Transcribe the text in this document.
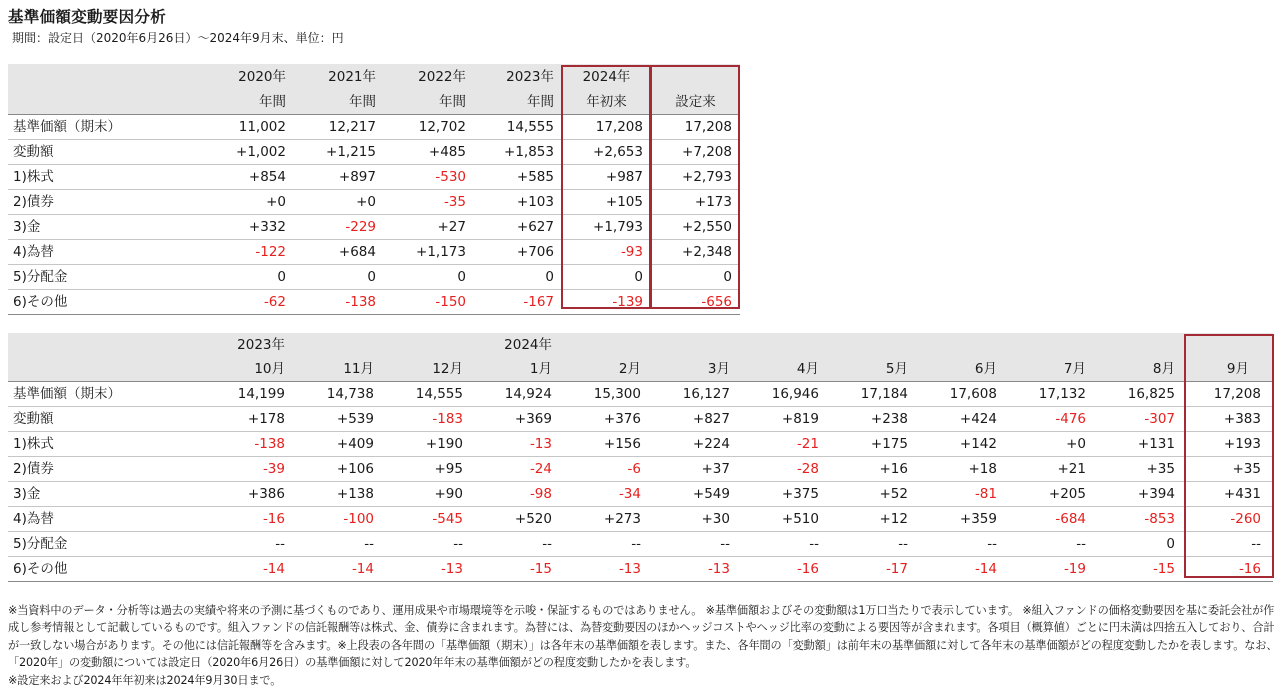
基準価額変動要因分析
期間：設定日（2020年6月26日）～2024年9月末、単位：円
	2020年	2021年	2022年	2023年	2024年	
	年間	年間	年間	年間	年初来	設定来
基準価額（期末）	11,002	12,217	12,702	14,555	17,208	17,208
変動額	+1,002	+1,215	+485	+1,853	+2,653	+7,208
1)株式	+854	+897	-530	+585	+987	+2,793
2)債券	+0	+0	-35	+103	+105	+173
3)金	+332	-229	+27	+627	+1,793	+2,550
4)為替	-122	+684	+1,173	+706	-93	+2,348
5)分配金	0	0	0	0	0	0
6)その他	-62	-138	-150	-167	-139	-656
	2023年			2024年								
	10月	11月	12月	1月	2月	3月	4月	5月	6月	7月	8月	9月
基準価額（期末）	14,199	14,738	14,555	14,924	15,300	16,127	16,946	17,184	17,608	17,132	16,825	17,208
変動額	+178	+539	-183	+369	+376	+827	+819	+238	+424	-476	-307	+383
1)株式	-138	+409	+190	-13	+156	+224	-21	+175	+142	+0	+131	+193
2)債券	-39	+106	+95	-24	-6	+37	-28	+16	+18	+21	+35	+35
3)金	+386	+138	+90	-98	-34	+549	+375	+52	-81	+205	+394	+431
4)為替	-16	-100	-545	+520	+273	+30	+510	+12	+359	-684	-853	-260
5)分配金	--	--	--	--	--	--	--	--	--	--	0	--
6)その他	-14	-14	-13	-15	-13	-13	-16	-17	-14	-19	-15	-16

※当資料中のデータ・分析等は過去の実績や将来の予測に基づくものであり、運用成果や市場環境等を示唆・保証するものではありません。 ※基準価額およびその変動額は1万口当たりで表示しています。 ※組入ファンドの価格変動要因を基に委託会社が作成し参考情報として記載しているものです。組入ファンドの信託報酬等は株式、金、債券に含まれます。為替には、為替変動要因のほかヘッジコストやヘッジ比率の変動による要因等が含まれます。各項目（概算値）ごとに円未満は四捨五入しており、合計が一致しない場合があります。その他には信託報酬等を含みます。※上段表の各年間の「基準価額（期末）」は各年末の基準価額を表します。また、各年間の「変動額」は前年末の基準価額に対して各年末の基準価額がどの程度変動したかを表します。なお、「2020年」の変動額については設定日（2020年6月26日）の基準価額に対して2020年年末の基準価額がどの程度変動したかを表します。

※設定来および2024年年初来は2024年9月30日まで。
